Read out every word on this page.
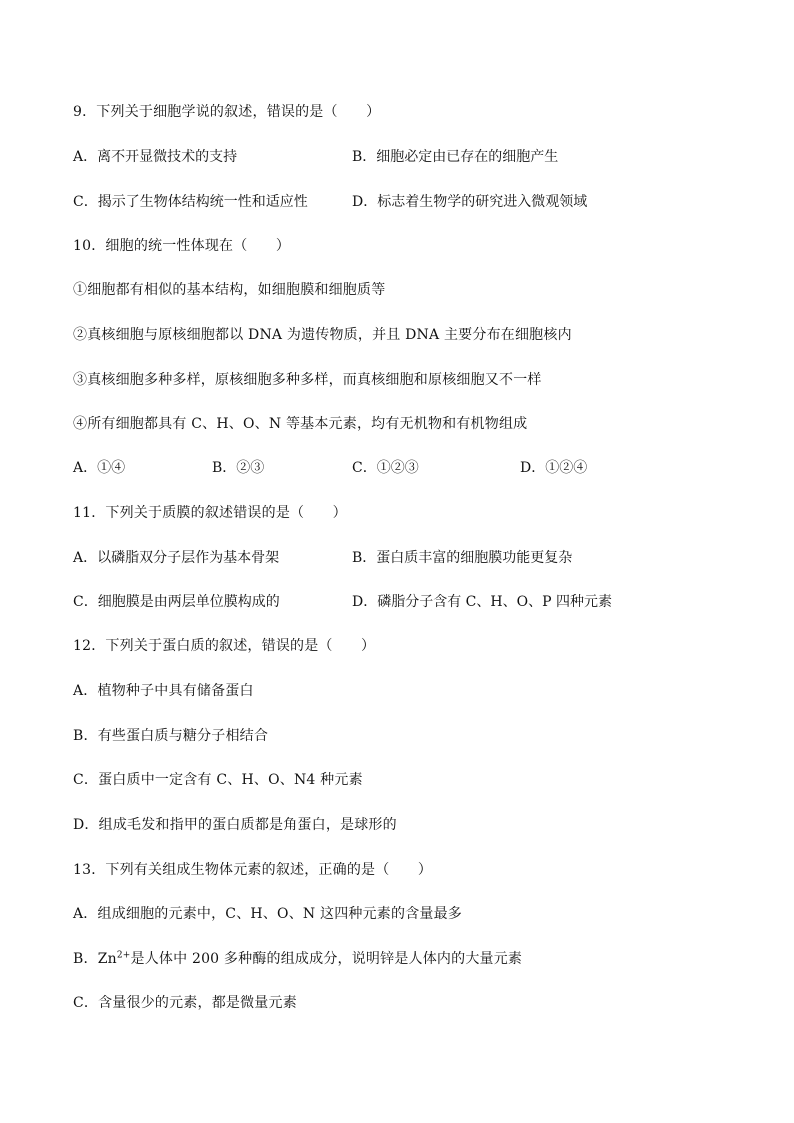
9．下列关于细胞学说的叙述，错误的是（　　）
A．离不开显微技术的支持	B．细胞必定由已存在的细胞产生
C．揭示了生物体结构统一性和适应性	D．标志着生物学的研究进入微观领域
10．细胞的统一性体现在（　　）
①细胞都有相似的基本结构，如细胞膜和细胞质等
②真核细胞与原核细胞都以 DNA 为遗传物质，并且 DNA 主要分布在细胞核内
③真核细胞多种多样，原核细胞多种多样，而真核细胞和原核细胞又不一样
④所有细胞都具有 C、H、O、N 等基本元素，均有无机物和有机物组成
A．①④	B．②③	C．①②③	D．①②④
11．下列关于质膜的叙述错误的是（　　）
A．以磷脂双分子层作为基本骨架	B．蛋白质丰富的细胞膜功能更复杂
C．细胞膜是由两层单位膜构成的	D．磷脂分子含有 C、H、O、P 四种元素
12．下列关于蛋白质的叙述，错误的是（　　）
A．植物种子中具有储备蛋白
B．有些蛋白质与糖分子相结合
C．蛋白质中一定含有 C、H、O、N4 种元素
D．组成毛发和指甲的蛋白质都是角蛋白，是球形的
13．下列有关组成生物体元素的叙述，正确的是（　　）
A．组成细胞的元素中，C、H、O、N 这四种元素的含量最多
B．$Zn^{2+}$是人体中 200 多种酶的组成成分，说明锌是人体内的大量元素
C．含量很少的元素，都是微量元素
